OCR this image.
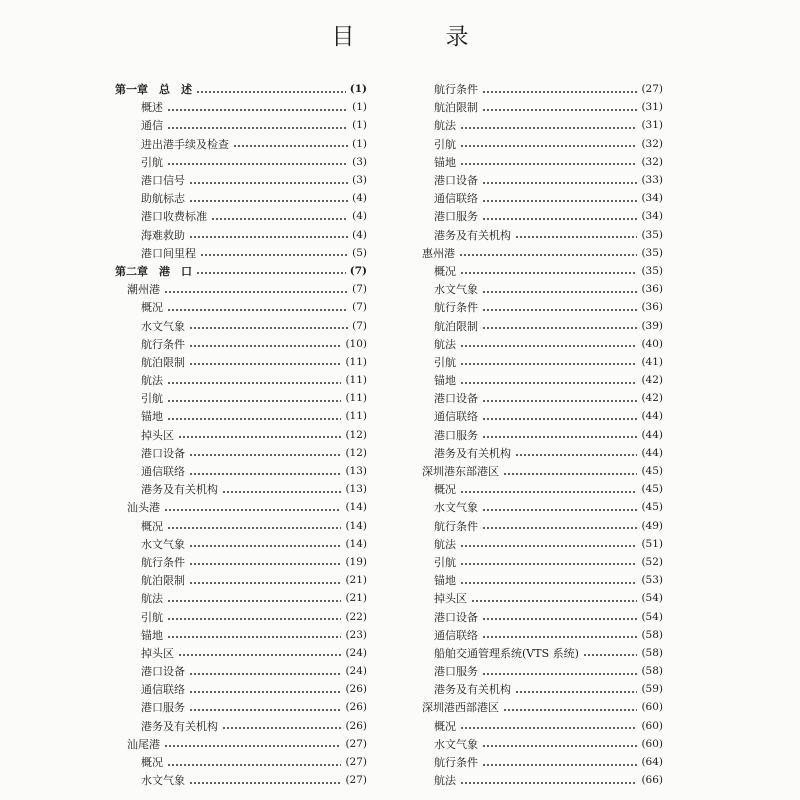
目　录
第一章　总　述	(1)
概述	(1)
通信	(1)
进出港手续及检查	(1)
引航	(3)
港口信号	(3)
助航标志	(4)
港口收费标准	(4)
海难救助	(4)
港口间里程	(5)
第二章　港　口	(7)
潮州港	(7)
概况	(7)
水文气象	(7)
航行条件	(10)
航泊限制	(11)
航法	(11)
引航	(11)
锚地	(11)
掉头区	(12)
港口设备	(12)
通信联络	(13)
港务及有关机构	(13)
汕头港	(14)
概况	(14)
水文气象	(14)
航行条件	(19)
航泊限制	(21)
航法	(21)
引航	(22)
锚地	(23)
掉头区	(24)
港口设备	(24)
通信联络	(26)
港口服务	(26)
港务及有关机构	(26)
汕尾港	(27)
概况	(27)
水文气象	(27)
航行条件	(27)
航泊限制	(31)
航法	(31)
引航	(32)
锚地	(32)
港口设备	(33)
通信联络	(34)
港口服务	(34)
港务及有关机构	(35)
惠州港	(35)
概况	(35)
水文气象	(36)
航行条件	(36)
航泊限制	(39)
航法	(40)
引航	(41)
锚地	(42)
港口设备	(42)
通信联络	(44)
港口服务	(44)
港务及有关机构	(44)
深圳港东部港区	(45)
概况	(45)
水文气象	(45)
航行条件	(49)
航法	(51)
引航	(52)
锚地	(53)
掉头区	(54)
港口设备	(54)
通信联络	(58)
船舶交通管理系统(VTS 系统)	(58)
港口服务	(58)
港务及有关机构	(59)
深圳港西部港区	(60)
概况	(60)
水文气象	(60)
航行条件	(64)
航法	(66)
